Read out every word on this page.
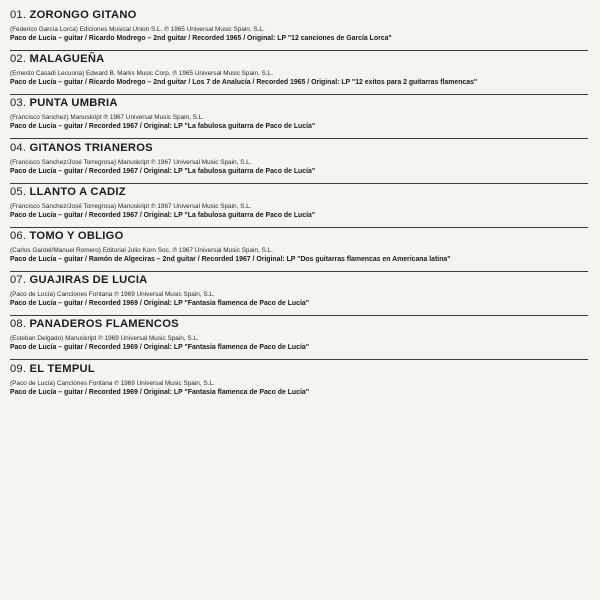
01. ZORONGO GITANO
(Federico García Lorca) Ediciones Musical Union S.L. ℗ 1965 Universal Music Spain, S.L.
Paco de Lucía – guitar / Ricardo Modrego – 2nd guitar / Recorded 1965 / Original: LP "12 canciones de García Lorca"
02. MALAGUEÑA
(Ernesto Casadi Lecuona) Edward B. Marks Music Corp. ℗ 1965 Universal Music Spain, S.L.
Paco de Lucía – guitar / Ricardo Modrego – 2nd guitar / Los 7 de Analucía / Recorded 1965 / Original: LP "12 exitos para 2 guitarras flamencas"
03. PUNTA UMBRIA
(Francisco Sánchez) Manuskript ℗ 1967 Universal Music Spain, S.L.
Paco de Lucía – guitar / Recorded 1967 / Original: LP "La fabulosa guitarra de Paco de Lucía"
04. GITANOS TRIANEROS
(Francisco Sánchez/José Torregrosa) Manuskript ℗ 1967 Universal Music Spain, S.L.
Paco de Lucía – guitar / Recorded 1967 / Original: LP "La fabulosa guitarra de Paco de Lucía"
05. LLANTO A CADIZ
(Francisco Sánchez/José Torregrosa) Manuskript ℗ 1967 Universal Music Spain, S.L.
Paco de Lucía – guitar / Recorded 1967 / Original: LP "La fabulosa guitarra de Paco de Lucía"
06. TOMO Y OBLIGO
(Carlos Gardel/Manuel Romero) Editorial Julio Korn Soc. ℗ 1967 Universal Music Spain, S.L.
Paco de Lucía – guitar / Ramón de Algeciras – 2nd guitar / Recorded 1967 / Original: LP "Dos guitarras flamencas en Americana latina"
07. GUAJIRAS DE LUCIA
(Paco de Lucía) Canciones Fontana ℗ 1969 Universal Music Spain, S.L.
Paco de Lucía – guitar / Recorded 1969 / Original: LP "Fantasia flamenca de Paco de Lucía"
08. PANADEROS FLAMENCOS
(Esteban Delgado) Manuskript ℗ 1969 Universal Music Spain, S.L.
Paco de Lucía – guitar / Recorded 1969 / Original: LP "Fantasia flamenca de Paco de Lucía"
09. EL TEMPUL
(Paco de Lucía) Canciones Fontana ℗ 1969 Universal Music Spain, S.L.
Paco de Lucía – guitar / Recorded 1969 / Original: LP "Fantasia flamenca de Paco de Lucía"
